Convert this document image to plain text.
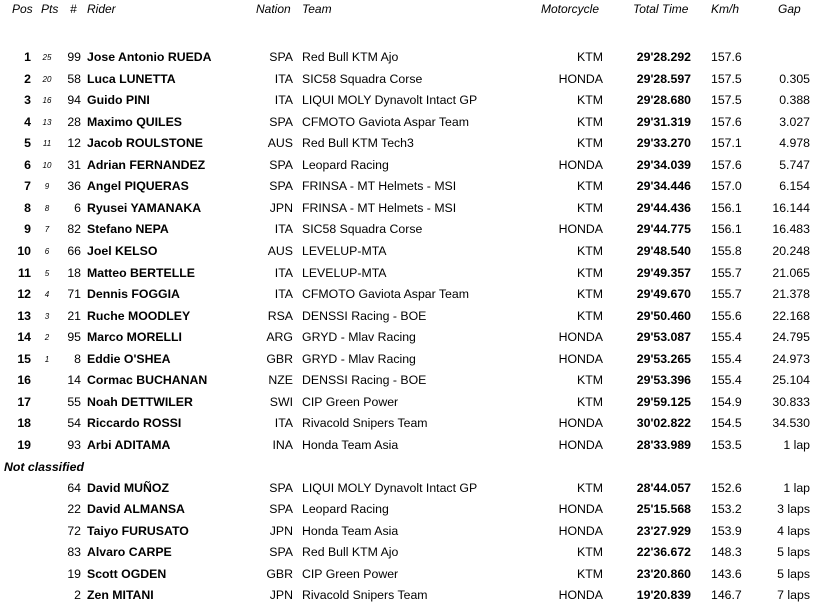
Pos Pts # Rider	Nation Team	Motorcycle	Total Time Km/h	Gap
1	25	99 Jose Antonio RUEDA	SPA Red Bull KTM Ajo	KTM	29'28.292 157.6
2	20	58 Luca LUNETTA	ITA SIC58 Squadra Corse	HONDA	29'28.597 157.5	0.305
3	16	94 Guido PINI	ITA LIQUI MOLY Dynavolt Intact GP	KTM	29'28.680 157.5	0.388
4	13	28 Maximo QUILES	SPA CFMOTO Gaviota Aspar Team	KTM	29'31.319 157.6	3.027
5	11	12 Jacob ROULSTONE	AUS Red Bull KTM Tech3	KTM	29'33.270 157.1	4.978
6	10	31 Adrian FERNANDEZ	SPA Leopard Racing	HONDA	29'34.039 157.6	5.747
7	9	36 Angel PIQUERAS	SPA FRINSA - MT Helmets - MSI	KTM	29'34.446 157.0	6.154
8	8	6 Ryusei YAMANAKA	JPN FRINSA - MT Helmets - MSI	KTM	29'44.436 156.1	16.144
9	7	82 Stefano NEPA	ITA SIC58 Squadra Corse	HONDA	29'44.775 156.1	16.483
10	6	66 Joel KELSO	AUS LEVELUP-MTA	KTM	29'48.540 155.8	20.248
11	5	18 Matteo BERTELLE	ITA LEVELUP-MTA	KTM	29'49.357 155.7	21.065
12	4	71 Dennis FOGGIA	ITA CFMOTO Gaviota Aspar Team	KTM	29'49.670 155.7	21.378
13	3	21 Ruche MOODLEY	RSA DENSSI Racing - BOE	KTM	29'50.460 155.6	22.168
14	2	95 Marco MORELLI	ARG GRYD - Mlav Racing	HONDA	29'53.087 155.4	24.795
15	1	8 Eddie O'SHEA	GBR GRYD - Mlav Racing	HONDA	29'53.265 155.4	24.973
16	14 Cormac BUCHANAN	NZE DENSSI Racing - BOE	KTM	29'53.396 155.4	25.104
17	55 Noah DETTWILER	SWI CIP Green Power	KTM	29'59.125 154.9	30.833
18	54 Riccardo ROSSI	ITA Rivacold Snipers Team	HONDA	30'02.822 154.5	34.530
19	93 Arbi ADITAMA	INA Honda Team Asia	HONDA	28'33.989 153.5	1 lap
Not classified
64 David MUÑOZ	SPA LIQUI MOLY Dynavolt Intact GP	KTM	28'44.057 152.6	1 lap
22 David ALMANSA	SPA Leopard Racing	HONDA	25'15.568 153.2	3 laps
72 Taiyo FURUSATO	JPN Honda Team Asia	HONDA	23'27.929 153.9	4 laps
83 Alvaro CARPE	SPA Red Bull KTM Ajo	KTM	22'36.672 148.3	5 laps
19 Scott OGDEN	GBR CIP Green Power	KTM	23'20.860 143.6	5 laps
2 Zen MITANI	JPN Rivacold Snipers Team	HONDA	19'20.839 146.7	7 laps
